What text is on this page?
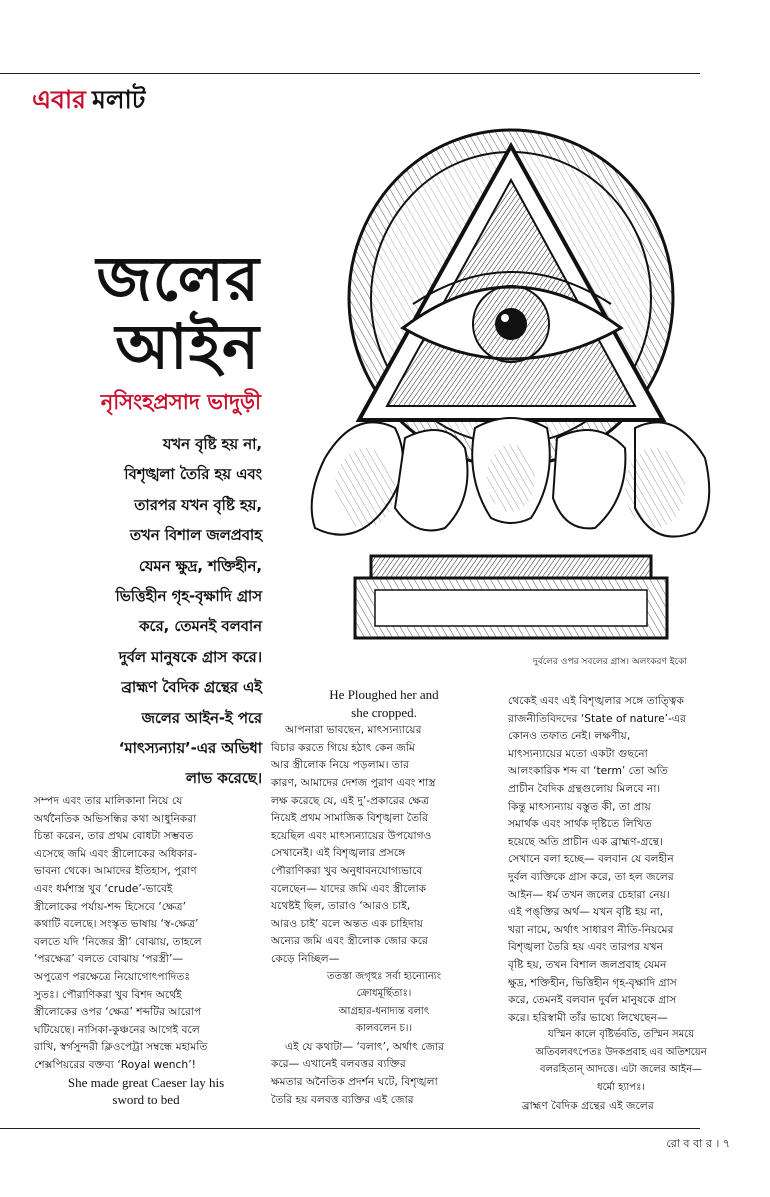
এবার মলাট
জলের
আইন
নৃসিংহপ্রসাদ ভাদুড়ী
যখন বৃষ্টি হয় না,
বিশৃঙ্খলা তৈরি হয় এবং
তারপর যখন বৃষ্টি হয়,
তখন বিশাল জলপ্রবাহ
যেমন ক্ষুদ্র, শক্তিহীন,
ভিত্তিহীন গৃহ-বৃক্ষাদি গ্রাস
করে, তেমনই বলবান
দুর্বল মানুষকে গ্রাস করে।
ব্রাহ্মণ বৈদিক গ্রন্থের এই
জলের আইন-ই পরে
‘মাৎস্যন্যায়’-এর অভিধা
লাভ করেছে।
দুর্বলের ওপর সবলের গ্রাস। অলংকরণ ইকো
সম্পদ এবং তার মালিকানা নিয়ে যে
অর্থনৈতিক অভিসন্ধির কথা আধুনিকরা
চিন্তা করেন, তার প্রথম বোধটা সম্ভবত
এসেছে জমি এবং স্ত্রীলোকের অধিকার-
ভাবনা থেকে। আমাদের ইতিহাস, পুরাণ
এবং ধর্মশাস্ত্র খুব ‘crude’-ভাবেই
স্ত্রীলোকের পর্যায়-শব্দ হিসেবে ‘ক্ষেত্র’
কথাটি বলেছে। সংস্কৃত ভাষায় ‘স্ব-ক্ষেত্র’
বলতে যদি ‘নিজের স্ত্রী’ বোঝায়, তাহলে
‘পরক্ষেত্র’ বলতে বোঝায় ‘পরস্ত্রী’—
অপুত্রেণ পরক্ষেত্রে নিয়োগোৎপাদিতঃ
সুতঃ। পৌরাণিকরা খুব বিশদ অর্থেই
স্ত্রীলোকের ওপর ‘ক্ষেত্র’ শব্দটির আরোপ
ঘটিয়েছে। নাসিকা-কুঞ্চনের আগেই বলে
রাখি, স্বর্গসুন্দরী ক্লিওপেট্রা সম্বন্ধে মহামতি
শেক্সপিয়রের বক্তব্য ‘Royal wench’!
She made great Caeser lay his
sword to bed
He Ploughed her and
she cropped.
আপনারা ভাবছেন, মাৎস্যন্যায়ের
বিচার করতে গিয়ে হঠাৎ কেন জমি
আর স্ত্রীলোক নিয়ে পড়লাম। তার
কারণ, আমাদের দেশজ পুরাণ এবং শাস্ত্র
লক্ষ করেছে যে, এই দু’-প্রকারের ক্ষেত্র
নিয়েই প্রথম সামাজিক বিশৃঙ্খলা তৈরি
হয়েছিল এবং মাৎস্যন্যায়ের উপযোগও
সেখানেই। এই বিশৃঙ্খলার প্রসঙ্গে
পৌরাণিকরা খুব অনুধাবনযোগ্যভাবে
বলেছেন— যাদের জমি এবং স্ত্রীলোক
যথেষ্টই ছিল, তারাও ‘আরও চাই,
আরও চাই’ বলে অন্তত এক চাহিদায়
অন্যের জমি এবং স্ত্রীলোক জোর করে
কেড়ে নিচ্ছিল—
ততস্তা জগৃহুঃ সর্বা হ্যন্যোন্যং
ক্রোধমূর্ছিতাঃ।
আগ্রহার-ধনাদ্যন্ত বলাৎ
কালবলেন চ।।
এই যে কথাটা— ‘বলাৎ’, অর্থাৎ জোর
করে— এখানেই বলবত্তর ব্যক্তির
ক্ষমতার অনৈতিক প্রদর্শন ঘটে, বিশৃঙ্খলা
তৈরি হয় বলবত্ত ব্যক্তির এই জোর
থেকেই এবং এই বিশৃঙ্খলার সঙ্গে তাত্ত্বিক
রাজনীতিবিদদের ‘State of nature’-এর
কোনও তফাত নেই। লক্ষণীয়,
মাৎস্যন্যায়ের মতো একটা গুছনো
আলংকারিক শব্দ বা ‘term’ তো অতি
প্রাচীন বৈদিক গ্রন্থগুলোয় মিলবে না।
কিন্তু মাৎস্যন্যায় বস্তুত কী, তা প্রায়
সমার্থক এবং সার্থক দৃষ্টিতে লিখিত
হয়েছে অতি প্রাচীন এক ব্রাহ্মণ-গ্রন্থে।
সেখানে বলা হচ্ছে— বলবান যে বলহীন
দুর্বল ব্যক্তিকে গ্রাস করে, তা হল জলের
আইন— ধর্ম তখন জলের চেহারা নেয়।
এই পঙ্‌ক্তির অর্থ— যখন বৃষ্টি হয় না,
খরা নামে, অর্থাৎ সাধারণ নীতি-নিয়মের
বিশৃঙ্খলা তৈরি হয় এবং তারপর যখন
বৃষ্টি হয়, তখন বিশাল জলপ্রবাহ যেমন
ক্ষুদ্র, শক্তিহীন, ভিত্তিহীন গৃহ-বৃক্ষাদি গ্রাস
করে, তেমনই বলবান দুর্বল মানুষকে গ্রাস
করে। হরিস্বামী তাঁর ভাষ্যে লিখেছেন—
যস্মিন কালে বৃষ্টির্ভবতি, তস্মিন সময়ে
অতিবলবৎপেতঃ উদকপ্রবাহ এব অতিশয়েন
বলরহিতান্‌ আদত্তে। এটা জলের আইন—
ধর্মো হ্যাপঃ।
ব্রাহ্মণ বৈদিক গ্রন্থের এই জলের
রো ব বা র । ৭
